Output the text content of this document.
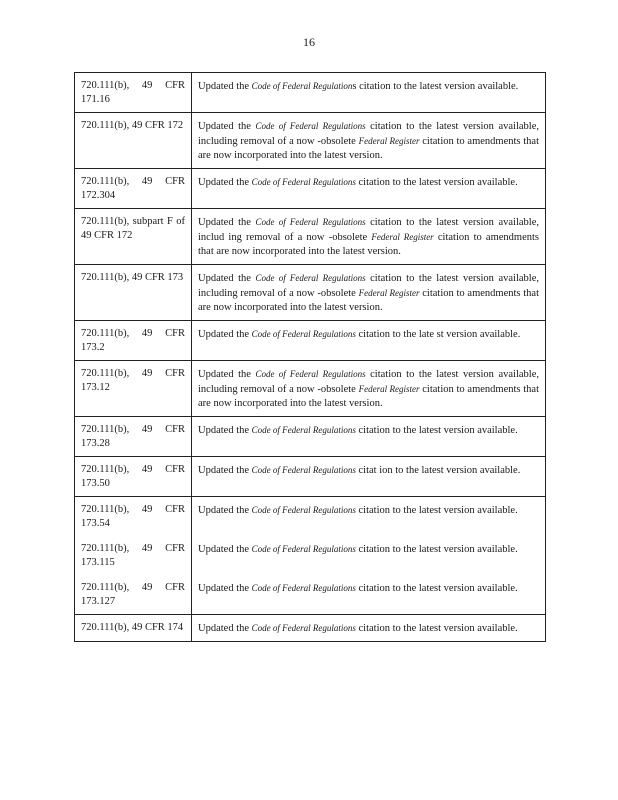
16
720.111(b), 49 CFR 171.16	Updated the Code of Federal Regulations citation to the latest version available.
720.111(b), 49 CFR 172	Updated the Code of Federal Regulations citation to the latest version available, including removal of a now -obsolete Federal Register citation to amendments that are now incorporated into the latest version.
720.111(b), 49 CFR 172.304	Updated the Code of Federal Regulations citation to the latest version available.
720.111(b), subpart F of 49 CFR 172	Updated the Code of Federal Regulations citation to the latest version available, includ ing removal of a now -obsolete Federal Register citation to amendments that are now incorporated into the latest version.
720.111(b), 49 CFR 173	Updated the Code of Federal Regulations citation to the latest version available, including removal of a now -obsolete Federal Register citation to amendments that are now incorporated into the latest version.
720.111(b), 49 CFR 173.2	Updated the Code of Federal Regulations citation to the late st version available.
720.111(b), 49 CFR 173.12	Updated the Code of Federal Regulations citation to the latest version available, including removal of a now -obsolete Federal Register citation to amendments that are now incorporated into the latest version.
720.111(b), 49 CFR 173.28	Updated the Code of Federal Regulations citation to the latest version available.
720.111(b), 49 CFR 173.50	Updated the Code of Federal Regulations citat ion to the latest version available.
720.111(b), 49 CFR 173.54	Updated the Code of Federal Regulations citation to the latest version available.
720.111(b), 49 CFR 173.115	Updated the Code of Federal Regulations citation to the latest version available.
720.111(b), 49 CFR 173.127	Updated the Code of Federal Regulations citation to the latest version available.
720.111(b), 49 CFR 174	Updated the Code of Federal Regulations citation to the latest version available.
